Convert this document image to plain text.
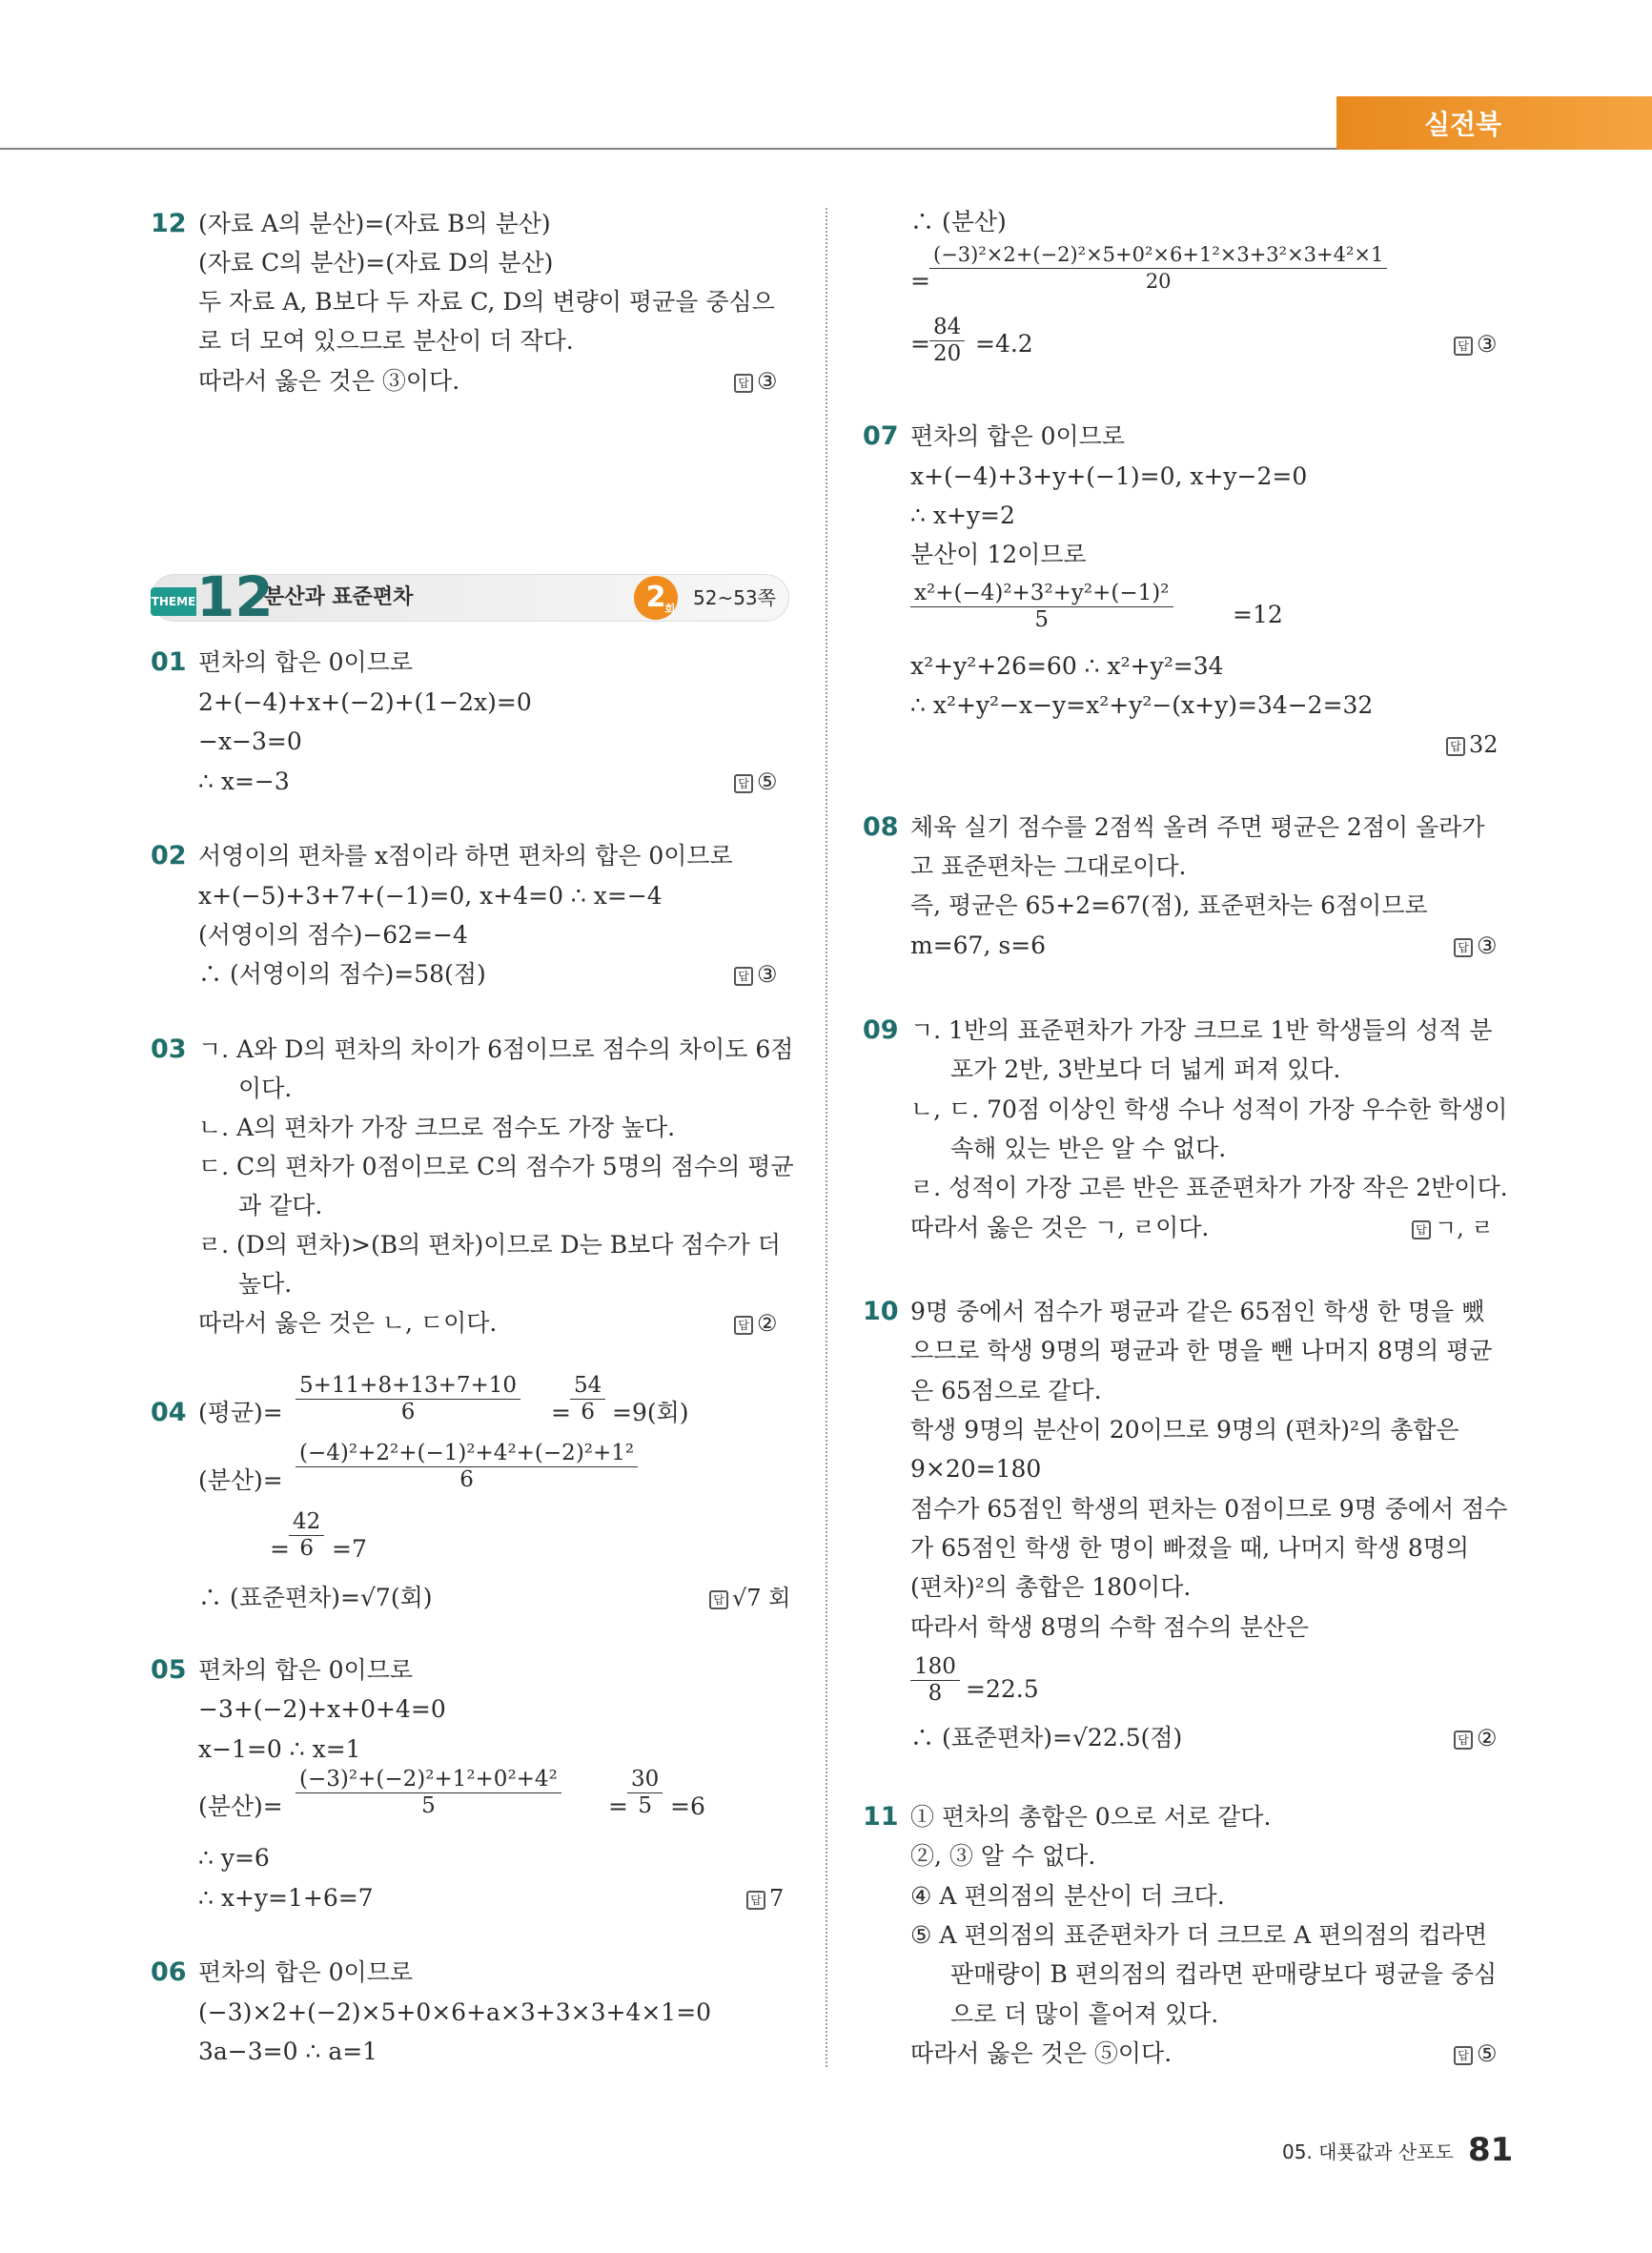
실전북
THEME 12
분산과 표준편차	2
회 52~53쪽
12 (자료 A의 분산)=(자료 B의 분산)
(자료 C의 분산)=(자료 D의 분산)
두 자료 A, B보다 두 자료 C, D의 변량이 평균을 중심으
로 더 모여 있으므로 분산이 더 작다.
따라서 옳은 것은 ③이다.	답 ③
01 편차의 합은 0이므로
2+(−4)+x+(−2)+(1−2x)=0
−x−3=0
∴ x=−3	답 ⑤
02 서영이의 편차를 x점이라 하면 편차의 합은 0이므로
x+(−5)+3+7+(−1)=0, x+4=0 ∴ x=−4
(서영이의 점수)−62=−4
∴ (서영이의 점수)=58(점)	답 ③
03 ㄱ. A와 D의 편차의 차이가 6점이므로 점수의 차이도 6점
이다.
ㄴ. A의 편차가 가장 크므로 점수도 가장 높다.
ㄷ. C의 편차가 0점이므로 C의 점수가 5명의 점수의 평균
과 같다.
ㄹ. (D의 편차)>(B의 편차)이므로 D는 B보다 점수가 더
높다.
따라서 옳은 것은 ㄴ, ㄷ이다.	답 ②
04 (평균)= $\frac{5+11+8+13+7+10}{6} = \frac{54}{6} =9$(회)
(분산)= $\frac{\text{(−4)²+2²+(−1)²+4²+(−2)²+1²}}{6}$
= $\frac{42}{6} =7$
∴ (표준편차)=√7(회)	답 √7 회
05 편차의 합은 0이므로
−3+(−2)+x+0+4=0
x−1=0 ∴ x=1
(분산)= $\frac{\text{(−3)²+(−2)²+1²+0²+4²}}{5} = \frac{30}{5} =6$
∴ y=6
∴ x+y=1+6=7	답 7
06 편차의 합은 0이므로
(−3)×2+(−2)×5+0×6+a×3+3×3+4×1=0
3a−3=0 ∴ a=1
∴ (분산)
= $\frac{\text{(−3)²×2+(−2)²×5+0²×6+1²×3+3²×3+4²×1}}{20}$
= $\frac{84}{20} =4.2$	답 ③
07 편차의 합은 0이므로
x+(−4)+3+y+(−1)=0, x+y−2=0
∴ x+y=2
분산이 12이므로
$\frac{\text{x²+(−4)²+3²+y²+(−1)²}}{5}$	=12
x²+y²+26=60 ∴ x²+y²=34
∴ x²+y²−x−y=x²+y²−(x+y)=34−2=32
답 32
08 체육 실기 점수를 2점씩 올려 주면 평균은 2점이 올라가
고 표준편차는 그대로이다.
즉, 평균은 65+2=67(점), 표준편차는 6점이므로
m=67, s=6	답 ③
09 ㄱ. 1반의 표준편차가 가장 크므로 1반 학생들의 성적 분
포가 2반, 3반보다 더 넓게 퍼져 있다.
ㄴ, ㄷ. 70점 이상인 학생 수나 성적이 가장 우수한 학생이
속해 있는 반은 알 수 없다.
ㄹ. 성적이 가장 고른 반은 표준편차가 가장 작은 2반이다.
따라서 옳은 것은 ㄱ, ㄹ이다.	답 ㄱ, ㄹ
10 9명 중에서 점수가 평균과 같은 65점인 학생 한 명을 뺐
으므로 학생 9명의 평균과 한 명을 뺀 나머지 8명의 평균
은 65점으로 같다.
학생 9명의 분산이 20이므로 9명의 (편차)²의 총합은
9×20=180
점수가 65점인 학생의 편차는 0점이므로 9명 중에서 점수
가 65점인 학생 한 명이 빠졌을 때, 나머지 학생 8명의
(편차)²의 총합은 180이다.
따라서 학생 8명의 수학 점수의 분산은
$\frac{180}{8} =22.5$
∴ (표준편차)=√22.5(점)	답 ②
11 ① 편차의 총합은 0으로 서로 같다.
②, ③ 알 수 없다.
④ A 편의점의 분산이 더 크다.
⑤ A 편의점의 표준편차가 더 크므로 A 편의점의 컵라면
판매량이 B 편의점의 컵라면 판매량보다 평균을 중심
으로 더 많이 흩어져 있다.
따라서 옳은 것은 ⑤이다.	답 ⑤
05. 대푯값과 산포도 81
